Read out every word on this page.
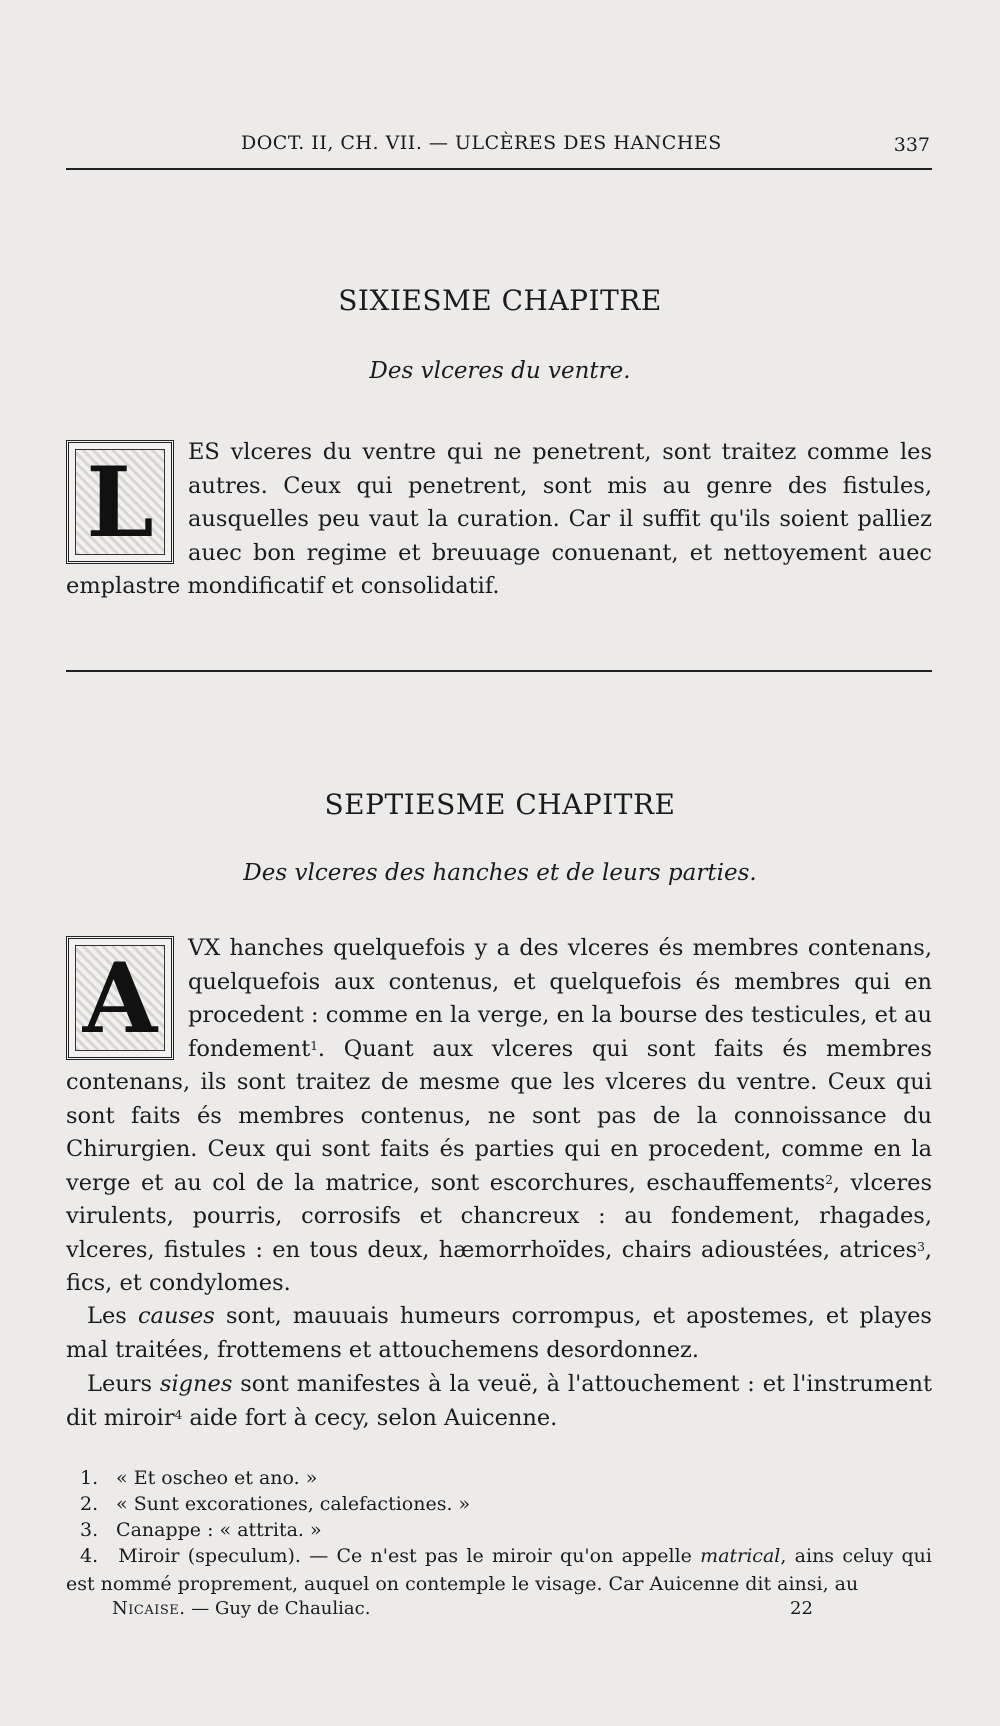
DOCT. II, CH. VII. — ULCÈRES DES HANCHES	337
SIXIESME CHAPITRE
Des vlceres du ventre.

L	ES vlceres du ventre qui ne penetrent, sont traitez comme les autres. Ceux qui penetrent, sont mis au genre des fistules, ausquelles peu vaut la curation. Car il suffit qu'ils soient palliez auec bon regime et breuuage conuenant, et nettoyement auec emplastre mondificatif et consolidatif.

SEPTIESME CHAPITRE
Des vlceres des hanches et de leurs parties.

A	VX hanches quelquefois y a des vlceres és membres contenans, quelquefois aux contenus, et quelquefois és membres qui en procedent : comme en la verge, en la bourse des testicules, et au fondement$^1$. Quant aux vlceres qui sont faits és membres contenans, ils sont traitez de mesme que les vlceres du ventre. Ceux qui sont faits és membres contenus, ne sont pas de la connoissance du Chirurgien. Ceux qui sont faits és parties qui en procedent, comme en la verge et au col de la matrice, sont escorchures, eschauffements$^2$, vlceres virulents, pourris, corrosifs et chancreux : au fondement, rhagades, vlceres, fistules : en tous deux, hæmorrhoïdes, chairs adioustées, atrices$^3$, fics, et condylomes.

Les causes sont, mauuais humeurs corrompus, et apostemes, et playes mal traitées, frottemens et attouchemens desordonnez.

Leurs signes sont manifestes à la veuë, à l'attouchement : et l'instrument dit miroir$^4$ aide fort à cecy, selon Auicenne.

1. « Et oscheo et ano. »

2. « Sunt excorationes, calefactiones. »

3. Canappe : « attrita. »

4. Miroir (speculum). — Ce n'est pas le miroir qu'on appelle matrical, ains celuy qui est nommé proprement, auquel on contemple le visage. Car Auicenne dit ainsi, au

Nicaise. — Guy de Chauliac.	22
